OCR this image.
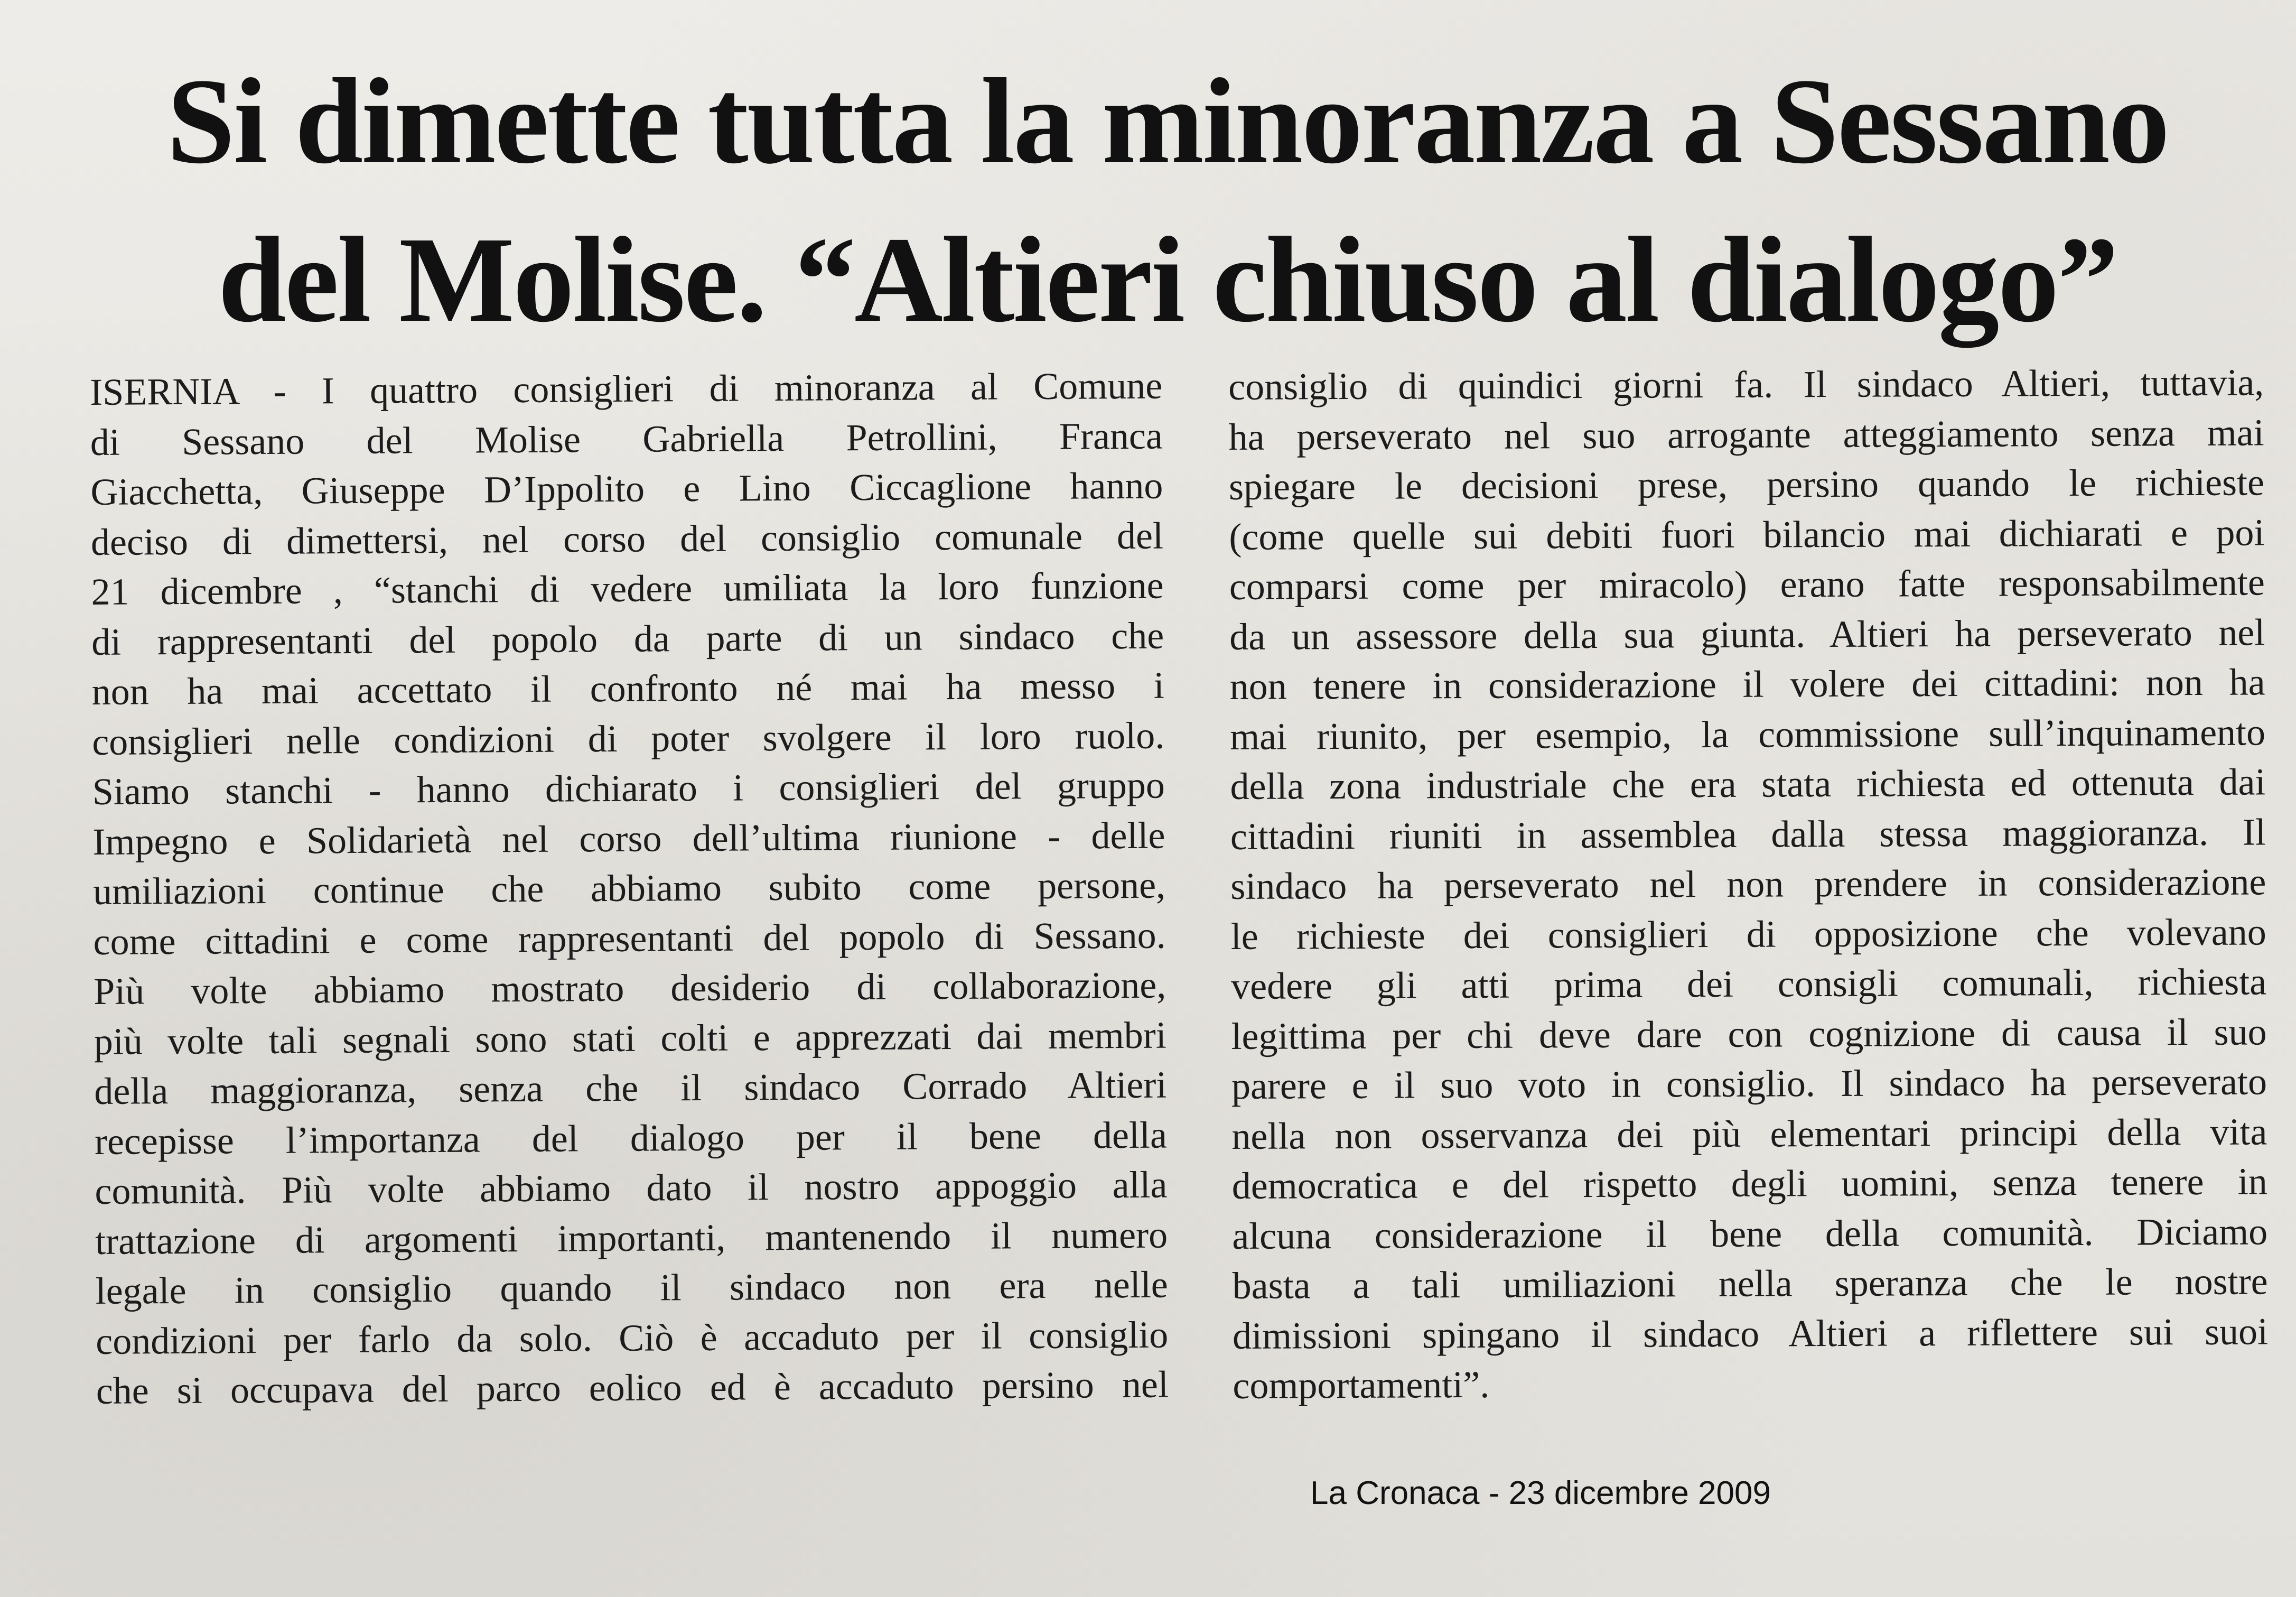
Si dimette tutta la minoranza a Sessano
del Molise. “Altieri chiuso al dialogo”
ISERNIA - I quattro consiglieri di minoranza al Comune
di Sessano del Molise Gabriella Petrollini, Franca
Giacchetta, Giuseppe D’Ippolito e Lino Ciccaglione hanno
deciso di dimettersi, nel corso del consiglio comunale del
21 dicembre , “stanchi di vedere umiliata la loro funzione
di rappresentanti del popolo da parte di un sindaco che
non ha mai accettato il confronto né mai ha messo i
consiglieri nelle condizioni di poter svolgere il loro ruolo.
Siamo stanchi - hanno dichiarato i consiglieri del gruppo
Impegno e Solidarietà nel corso dell’ultima riunione - delle
umiliazioni continue che abbiamo subito come persone,
come cittadini e come rappresentanti del popolo di Sessano.
Più volte abbiamo mostrato desiderio di collaborazione,
più volte tali segnali sono stati colti e apprezzati dai membri
della maggioranza, senza che il sindaco Corrado Altieri
recepisse l’importanza del dialogo per il bene della
comunità. Più volte abbiamo dato il nostro appoggio alla
trattazione di argomenti importanti, mantenendo il numero
legale in consiglio quando il sindaco non era nelle
condizioni per farlo da solo. Ciò è accaduto per il consiglio
che si occupava del parco eolico ed è accaduto persino nel
consiglio di quindici giorni fa. Il sindaco Altieri, tuttavia,
ha perseverato nel suo arrogante atteggiamento senza mai
spiegare le decisioni prese, persino quando le richieste
(come quelle sui debiti fuori bilancio mai dichiarati e poi
comparsi come per miracolo) erano fatte responsabilmente
da un assessore della sua giunta. Altieri ha perseverato nel
non tenere in considerazione il volere dei cittadini: non ha
mai riunito, per esempio, la commissione sull’inquinamento
della zona industriale che era stata richiesta ed ottenuta dai
cittadini riuniti in assemblea dalla stessa maggioranza. Il
sindaco ha perseverato nel non prendere in considerazione
le richieste dei consiglieri di opposizione che volevano
vedere gli atti prima dei consigli comunali, richiesta
legittima per chi deve dare con cognizione di causa il suo
parere e il suo voto in consiglio. Il sindaco ha perseverato
nella non osservanza dei più elementari principi della vita
democratica e del rispetto degli uomini, senza tenere in
alcuna considerazione il bene della comunità. Diciamo
basta a tali umiliazioni nella speranza che le nostre
dimissioni spingano il sindaco Altieri a riflettere sui suoi
comportamenti”.
La Cronaca - 23 dicembre 2009
